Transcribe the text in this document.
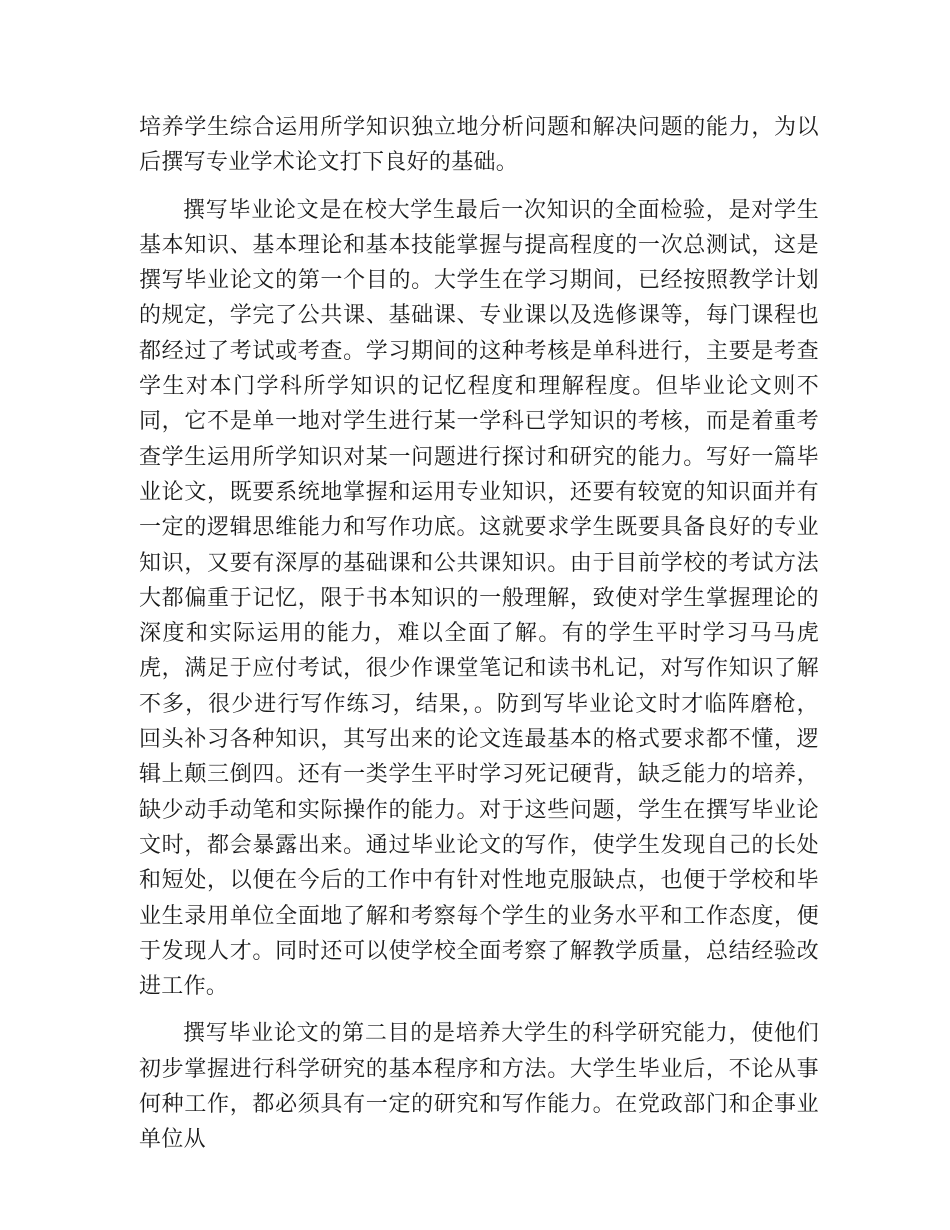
培养学生综合运用所学知识独立地分析问题和解决问题的能力，为以后撰写专业学术论文打下良好的基础。

撰写毕业论文是在校大学生最后一次知识的全面检验，是对学生基本知识、基本理论和基本技能掌握与提高程度的一次总测试，这是撰写毕业论文的第一个目的。大学生在学习期间，已经按照教学计划的规定，学完了公共课、基础课、专业课以及选修课等，每门课程也都经过了考试或考查。学习期间的这种考核是单科进行，主要是考查学生对本门学科所学知识的记忆程度和理解程度。但毕业论文则不同，它不是单一地对学生进行某一学科已学知识的考核，而是着重考查学生运用所学知识对某一问题进行探讨和研究的能力。写好一篇毕业论文，既要系统地掌握和运用专业知识，还要有较宽的知识面并有一定的逻辑思维能力和写作功底。这就要求学生既要具备良好的专业知识，又要有深厚的基础课和公共课知识。由于目前学校的考试方法大都偏重于记忆，限于书本知识的一般理解，致使对学生掌握理论的深度和实际运用的能力，难以全面了解。有的学生平时学习马马虎虎，满足于应付考试，很少作课堂笔记和读书札记，对写作知识了解不多，很少进行写作练习，结果，。防到写毕业论文时才临阵磨枪，回头补习各种知识，其写出来的论文连最基本的格式要求都不懂，逻辑上颠三倒四。还有一类学生平时学习死记硬背，缺乏能力的培养，缺少动手动笔和实际操作的能力。对于这些问题，学生在撰写毕业论文时，都会暴露出来。通过毕业论文的写作，使学生发现自己的长处和短处，以便在今后的工作中有针对性地克服缺点，也便于学校和毕业生录用单位全面地了解和考察每个学生的业务水平和工作态度，便于发现人才。同时还可以使学校全面考察了解教学质量，总结经验改进工作。

撰写毕业论文的第二目的是培养大学生的科学研究能力，使他们初步掌握进行科学研究的基本程序和方法。大学生毕业后，不论从事何种工作，都必须具有一定的研究和写作能力。在党政部门和企事业单位从
